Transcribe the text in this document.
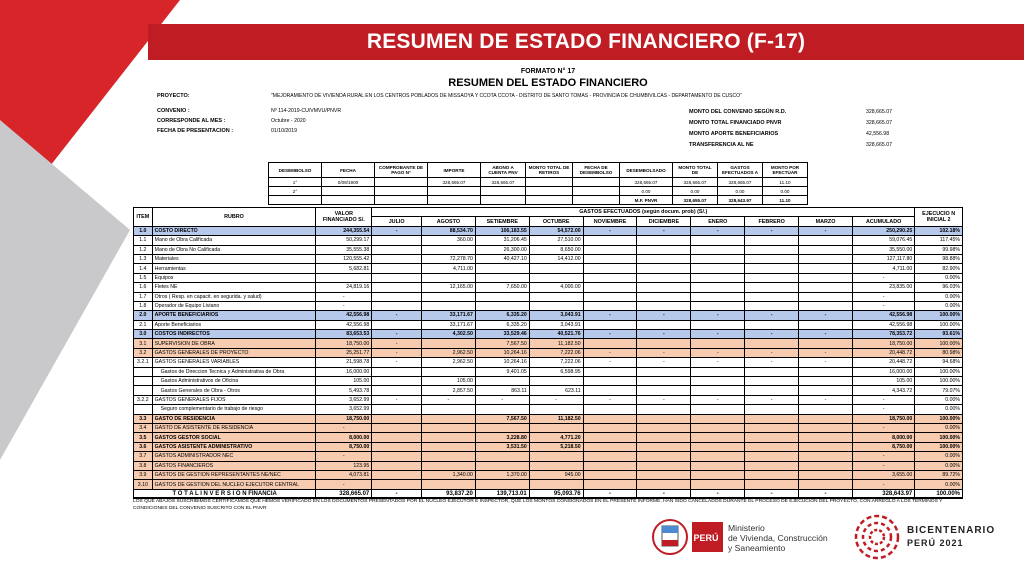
RESUMEN DE ESTADO FINANCIERO (F-17)
FORMATO N° 17
RESUMEN DEL ESTADO FINANCIERO
PROYECTO:	"MEJORAMIENTO DE VIVIENDA RURAL EN LOS CENTROS POBLADOS DE MISSAOYA Y CCOTA CCOTA - DISTRITO DE SANTO TOMAS - PROVINCIA DE CHUMBIVILCAS - DEPARTAMENTO DE CUSCO"
CONVENIO :	Nº 114-2019-CU/VMVU/PNVR
CORRESPONDE AL MES :	Octubre - 2020
FECHA DE PRESENTACION :	01/10/2019
MONTO DEL CONVENIO SEGÚN R.D.	328,665.07
MONTO TOTAL FINANCIADO PNVR	328,665.07
MONTO APORTE BENEFICIARIOS	42,556.98
TRANSFERENCIA AL NE	328,665.07
DESEMBOLSO	FECHA	COMPROBANTE DE PAGO N°	IMPORTE	ABONO A CUENTA PNV	MONTO TOTAL DE RETIROS	FECHA DE DESEMBOLSO	DESEMBOLSADO	MONTO TOTAL DE	GASTOS EFECTUADOS A	MONTO POR EFECTUAR
1°	0/09/1900		328,665.07	328,665.07			328,665.07	328,665.07	328,665.07	11.10
2°							0.00	0.00	0.00	0.00
							M.F. PNVR	328,655.07	328,643.97	11.10
ITEM	RUBRO	VALOR FINANCIADO S/.	GASTOS EFECTUADOS (según docum. prob) (S/.)										EJECUCIO N INICIAL 2
			JULIO	AGOSTO	SETIEMBRE	OCTUBRE	NOVIEMBRE	DICIEMBRE	ENERO	FEBRERO	MARZO	ACUMULADO	
1.0	COSTO DIRECTO	244,355.54	-	88,534.70	106,183.55	54,572.00	-	-	-	-	-	250,290.25	102.18%
1.1	Mano de Obra Calificada	50,299.17		360.00	31,206.45	27,510.00						59,076.45	117.45%
1.2	Mano de Obra No Calificada	35,555.38			26,300.00	8,650.00						35,550.00	99.98%
1.3	Materiales	120,555.42		72,278.70	40,427.10	14,412.00						127,117.80	98.88%
1.4	Herramientas	5,682.81		4,711.00								4,711.00	82.90%
1.5	Equipos											-	0.00%
1.6	Fletes NE	24,819.16		12,165.00	7,650.00	4,000.00						23,835.00	96.03%
1.7	Otros ( Resp. en capacit. en segurida. y salud)	-										-	0.00%
1.8	Operador de Equipo Liviano	-										-	0.00%
2.0	APORTE BENEFICIARIOS	42,556.98	-	33,171.67	6,335.20	3,043.91	-	-	-	-	-	42,556.98	100.00%
2.1	Aporte Beneficiarios	42,556.98		33,171.67	6,335.20	3,043.91						42,556.98	100.00%
3.0	COSTOS INDIRECTOS	83,653.53	-	4,302.50	33,529.46	40,521.76	-	-	-	-	-	78,353.72	93.61%
3.1	SUPERVISION DE OBRA	18,750.00	-		7,567.50	11,182.50						18,750.00	100.00%
3.2	GASTOS GENERALES DE PROYECTO	25,251.77	-	2,962.50	10,264.16	7,222.06	-	-	-	-	-	20,448.72	80.98%
3.2.1	GASTOS GENERALES VARIABLES	21,598.78	-	2,962.50	10,264.16	7,222.06	-	-	-	-	-	20,448.72	94.68%
	Gastos de Direccion Tecnica y Administrativa de Obra	16,000.00			9,401.05	6,598.95						16,000.00	100.00%
	Gastos Administrativos de Oficina	105.00		105.00								105.00	100.00%
	Gastos Generales de Obra - Otros	5,493.78		2,857.50	863.11	623.11						4,343.72	79.07%
3.2.2	GASTOS GENERALES FIJOS	3,652.99	-	-	-	-	-	-	-	-	-	-	0.00%
	Seguro complementario de trabajo de riesgo	3,652.99										-	0.00%
3.3	GASTO DE RESIDENCIA	18,750.00			7,567.50	11,182.50						18,750.00	100.00%
3.4	GASTO DE ASISTENTE DE RESIDENCIA	-										-	0.00%
3.5	GASTOS GESTOR SOCIAL	8,000.00			3,228.80	4,771.20						8,000.00	100.00%
3.6	GASTOS ASISTENTE ADMINISTRATIVO	8,750.00			3,531.50	5,218.50						8,750.00	100.00%
3.7	GASTOS ADMINISTRADOR NEC	-										-	0.00%
3.8	GASTOS FINANCIEROS	123.95										-	0.00%
3.9	GASTOS DE GESTION REPRESENTANTES NE/NEC	4,073.81		1,340.00	1,370.00	945.00						3,655.00	89.72%
3.10	GASTOS DE GESTION DEL NUCLEO EJECUTOR CENTRAL	-										-	0.00%
T O T A L I N V E R S I O N FINANCIA		328,665.07	-	93,837.20	139,713.01	95,093.76	-	-	-	-	-	328,643.97	100.00%
LOS QUE ABAJOS SUSCRIBIMOS CERTIFICAMOS QUE HEMOS VERIFICADO EN LOS DOCUMENTOS PRESENTADOS POR EL NUCLEO EJECUTOR E INSPECTOR, QUE LOS MONTOS CONSIGNADOS EN EL PRESENTE INFORME, HAN SIDO CANCELADOS DURANTE EL PROCESO DE EJECUCION DEL PROYECTO, CON ARREGLO A LOS TERMINOS Y CONDICIONES DEL CONVENIO SUSCRITO CON EL PNVR
PERÚ
Ministerio
de Vivienda, Construcción
y Saneamiento
BICENTENARIO
PERÚ 2021
